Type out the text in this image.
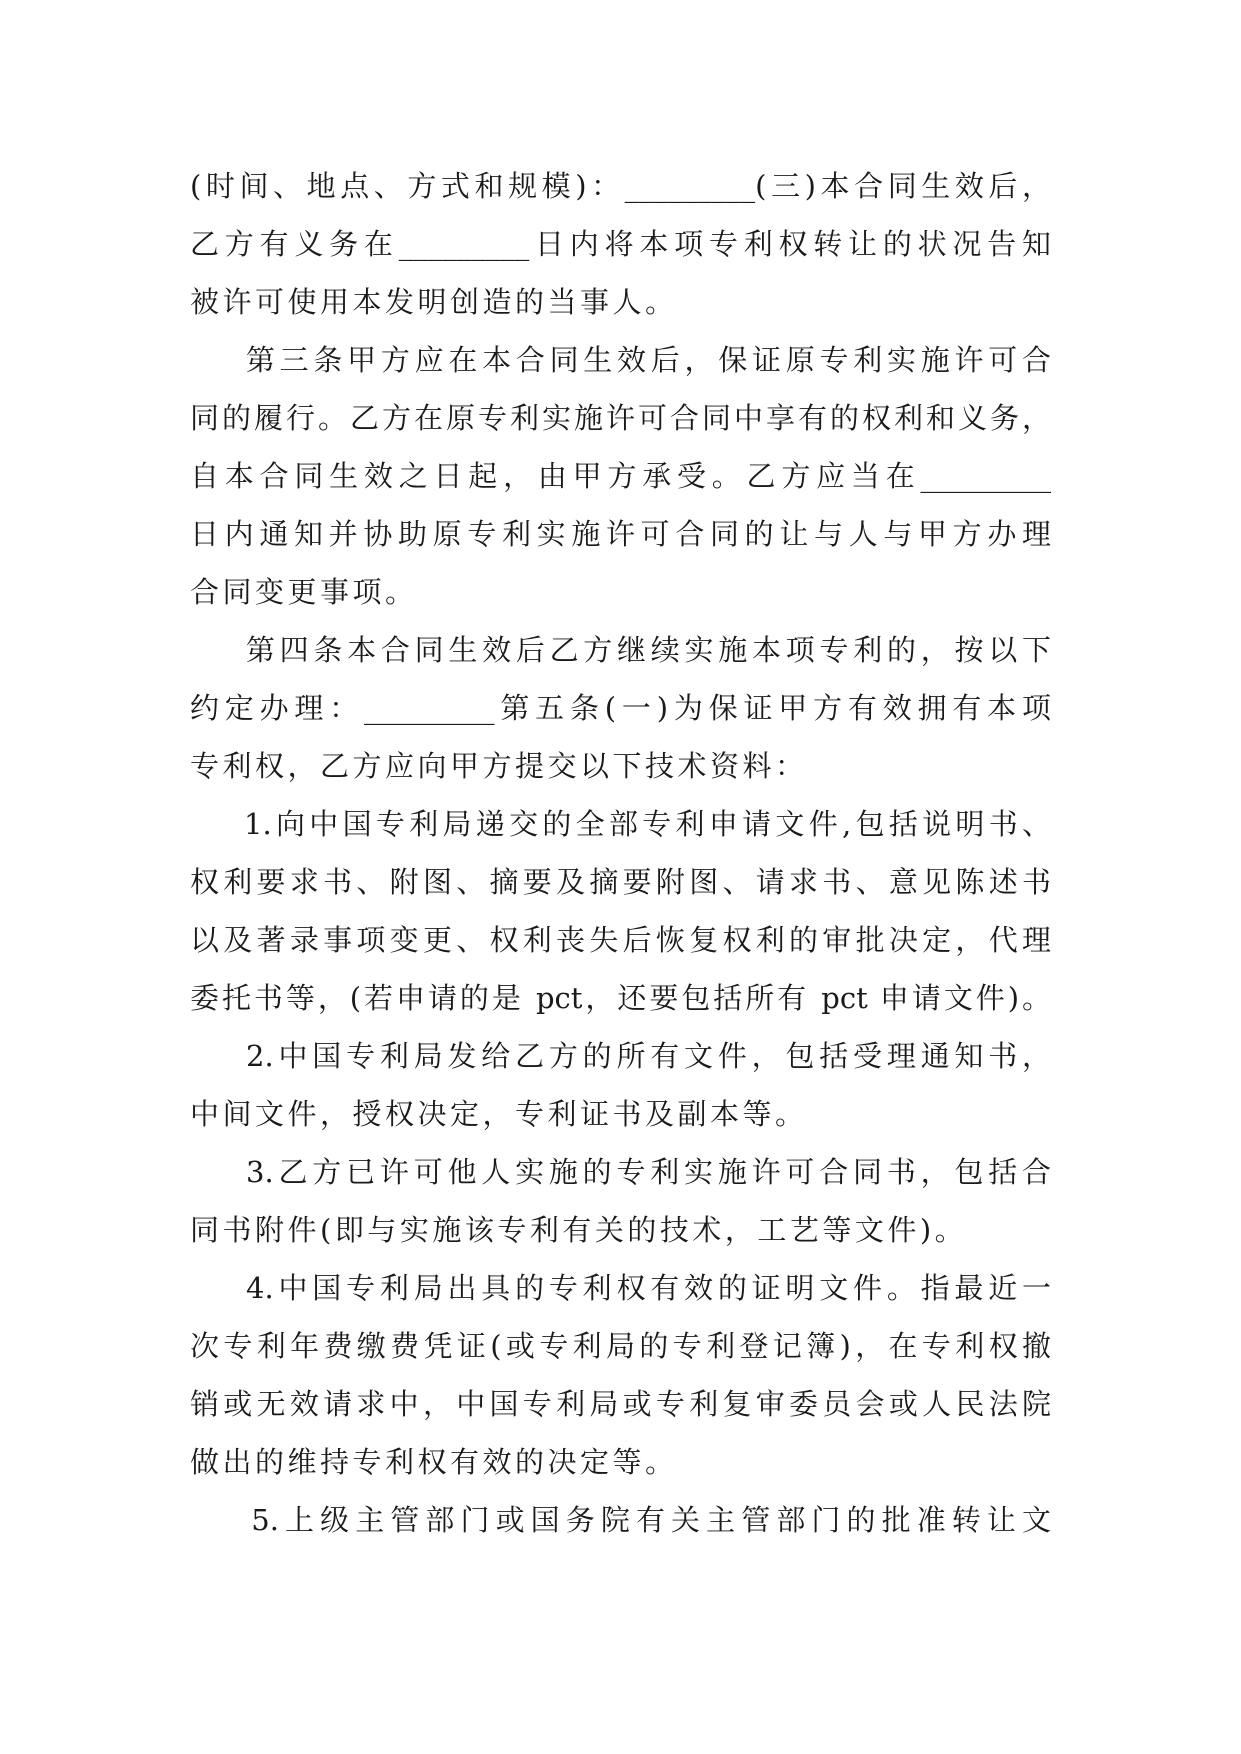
(时间、地点、方式和规模)：_________(三)本合同生效后，
乙方有义务在_________日内将本项专利权转让的状况告知
被许可使用本发明创造的当事人。
第三条甲方应在本合同生效后，保证原专利实施许可合
同的履行。乙方在原专利实施许可合同中享有的权利和义务，
自本合同生效之日起，由甲方承受。乙方应当在_________
日内通知并协助原专利实施许可合同的让与人与甲方办理
合同变更事项。
第四条本合同生效后乙方继续实施本项专利的，按以下
约定办理：_________第五条(一)为保证甲方有效拥有本项
专利权，乙方应向甲方提交以下技术资料：
1.向中国专利局递交的全部专利申请文件,包括说明书、
权利要求书、附图、摘要及摘要附图、请求书、意见陈述书
以及著录事项变更、权利丧失后恢复权利的审批决定，代理
委托书等，(若申请的是 pct，还要包括所有 pct 申请文件)。
2.中国专利局发给乙方的所有文件，包括受理通知书，
中间文件，授权决定，专利证书及副本等。
3.乙方已许可他人实施的专利实施许可合同书，包括合
同书附件(即与实施该专利有关的技术，工艺等文件)。
4.中国专利局出具的专利权有效的证明文件。指最近一
次专利年费缴费凭证(或专利局的专利登记簿)，在专利权撤
销或无效请求中，中国专利局或专利复审委员会或人民法院
做出的维持专利权有效的决定等。
5.上级主管部门或国务院有关主管部门的批准转让文
